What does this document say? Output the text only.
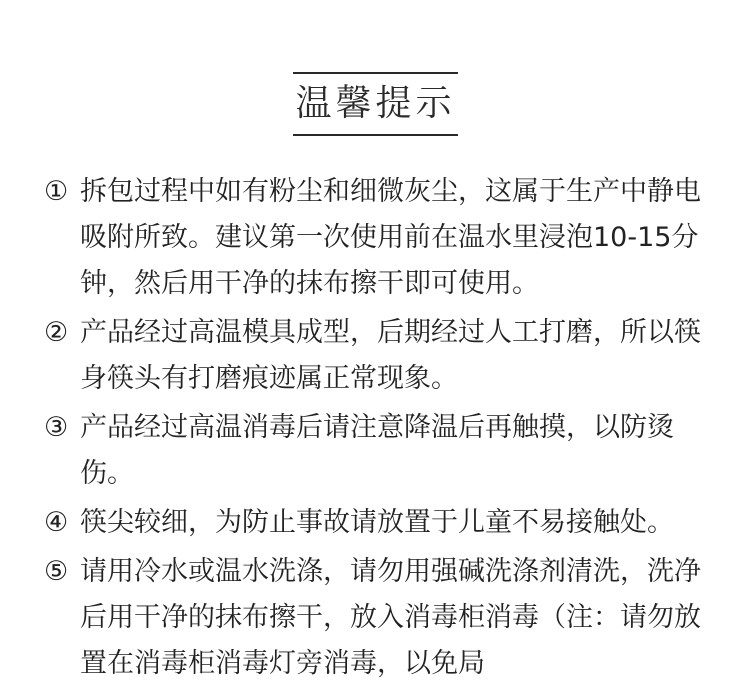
温馨提示
① 拆包过程中如有粉尘和细微灰尘，这属于生产中静电吸附所致。建议第一次使用前在温水里浸泡10-15分钟，然后用干净的抹布擦干即可使用。
② 产品经过高温模具成型，后期经过人工打磨，所以筷身筷头有打磨痕迹属正常现象。
③ 产品经过高温消毒后请注意降温后再触摸，以防烫伤。
④ 筷尖较细，为防止事故请放置于儿童不易接触处。
⑤ 请用冷水或温水洗涤，请勿用强碱洗涤剂清洗，洗净后用干净的抹布擦干，放入消毒柜消毒（注：请勿放置在消毒柜消毒灯旁消毒，以免局
